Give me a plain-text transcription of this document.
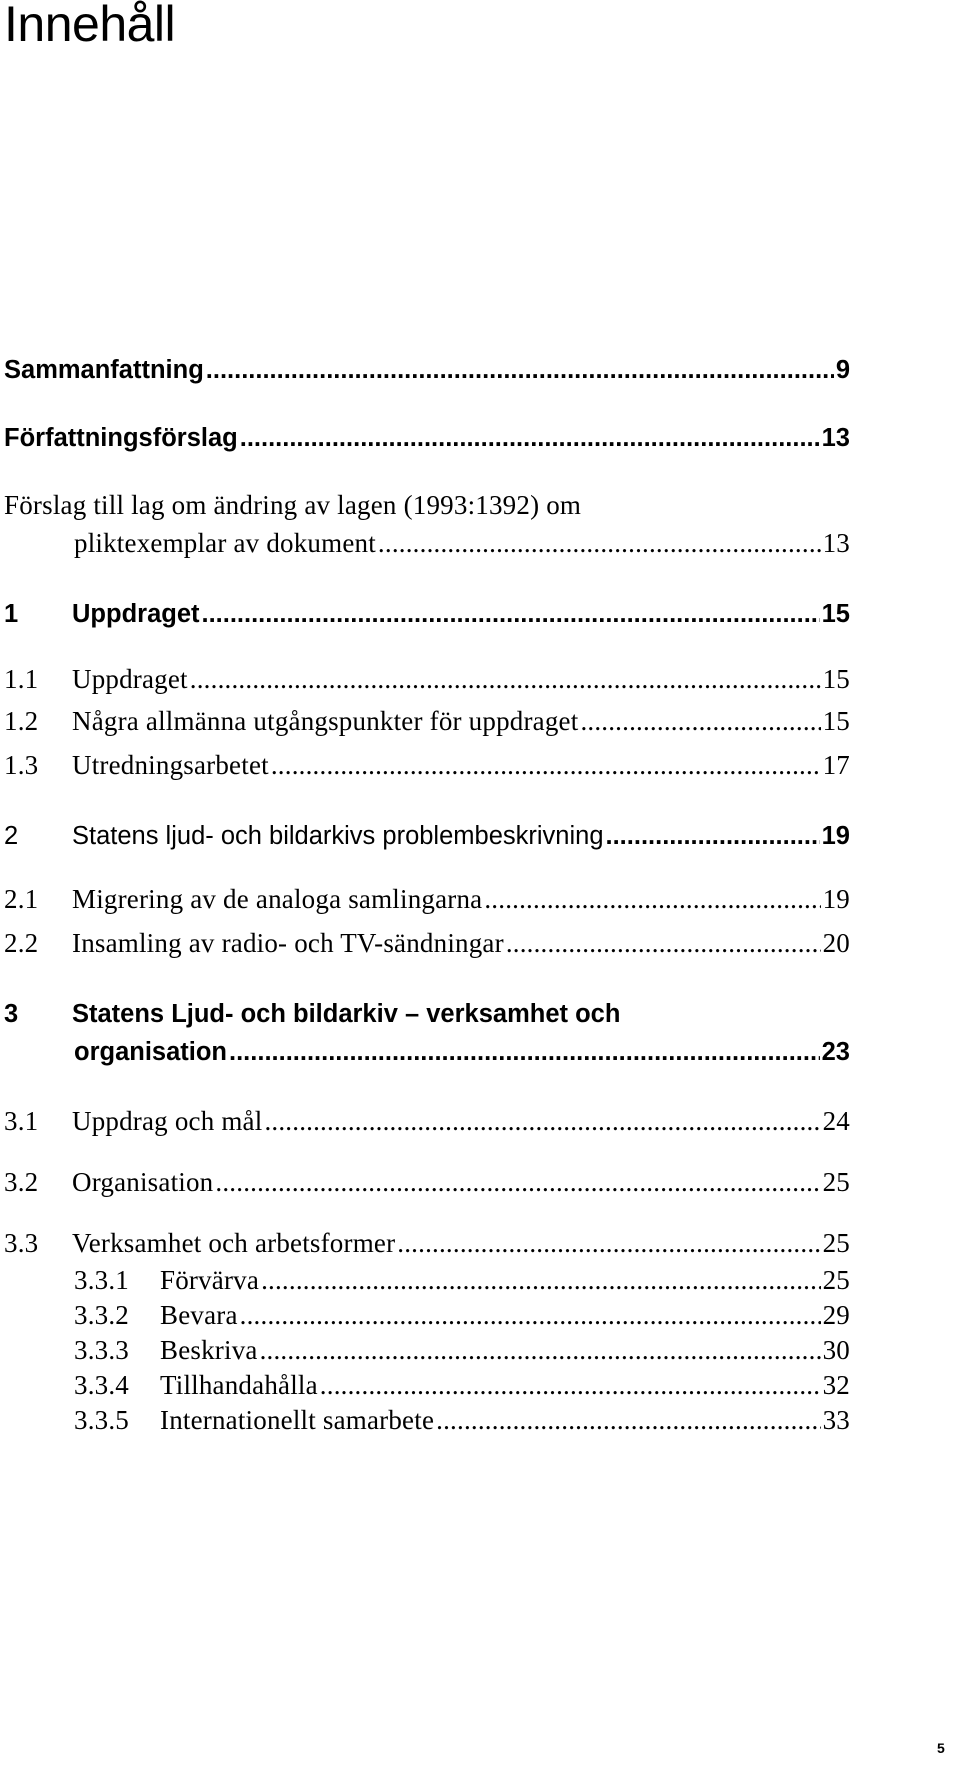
Innehåll
Sammanfattning .....	9
Författningsförslag .....	13
Förslag till lag om ändring av lagen (1993:1392) om
pliktexemplar av dokument .....	13
1 Uppdraget .....	15
1.1 Uppdraget .....	15
1.2 Några allmänna utgångspunkter för uppdraget .....	15
1.3 Utredningsarbetet .....	17
2 Statens ljud- och bildarkivs problembeskrivning .....	19
2.1 Migrering av de analoga samlingarna .....	19
2.2 Insamling av radio- och TV-sändningar .....	20
3 Statens Ljud- och bildarkiv – verksamhet och
organisation .....	23
3.1 Uppdrag och mål .....	24
3.2 Organisation .....	25
3.3 Verksamhet och arbetsformer .....	25
3.3.1 Förvärva .....	25
3.3.2 Bevara .....	29
3.3.3 Beskriva .....	30
3.3.4 Tillhandahålla .....	32
3.3.5 Internationellt samarbete .....	33
5
